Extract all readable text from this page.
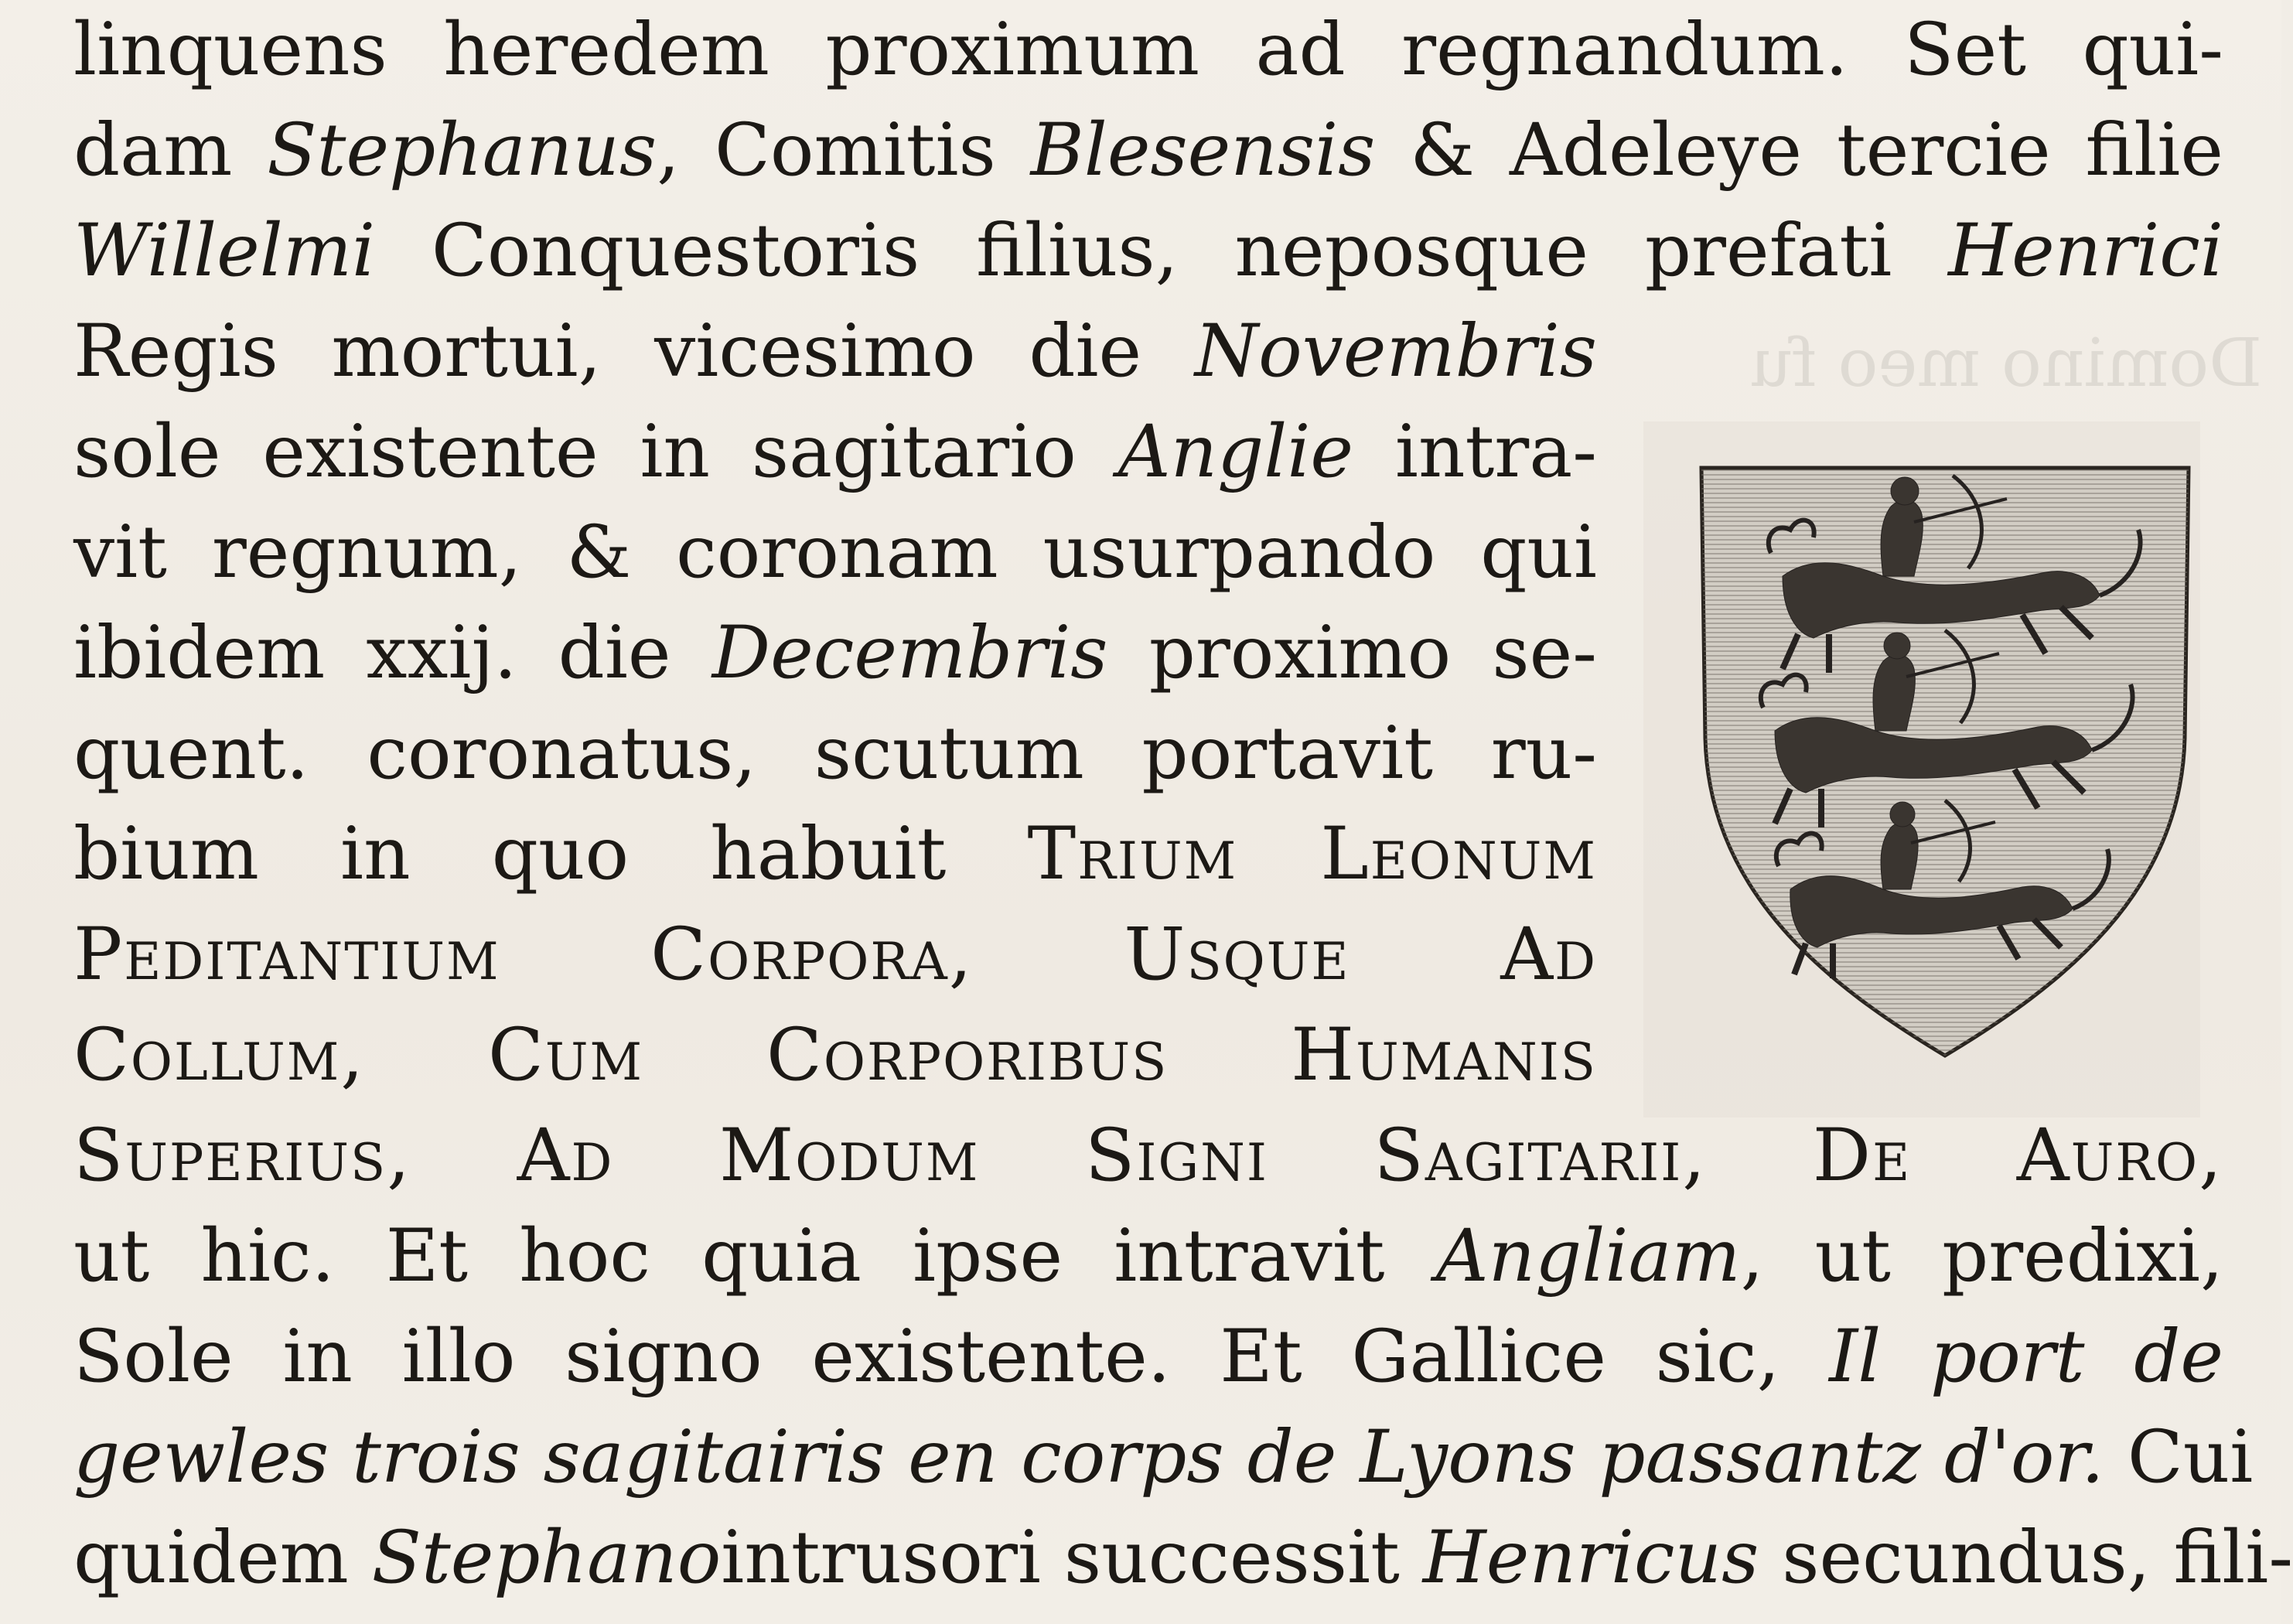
Domino meo fu
linquens heredem proximum ad regnandum. Set qui-
dam Stephanus, Comitis Blesensis & Adeleye tercie filie
Willelmi Conquestoris filius, neposque prefati Henrici
Regis mortui, vicesimo die Novembris
sole existente in sagitario Anglie intra-
vit regnum, & coronam usurpando qui
ibidem xxij. die Decembris proximo se-
quent. coronatus, scutum portavit ru-
bium in quo habuit Trium Leonum
Peditantium Corpora, Usque Ad
Collum, Cum Corporibus Humanis
Superius, Ad Modum Signi Sagitarii, De Auro,
ut hic. Et hoc quia ipse intravit Angliam, ut predixi,
Sole in illo signo existente. Et Gallice sic, Il port de
gewles trois sagitairis en corps de Lyons passantz d'or. Cui
quidem Stephanointrusori successit Henricus secundus, fili-
